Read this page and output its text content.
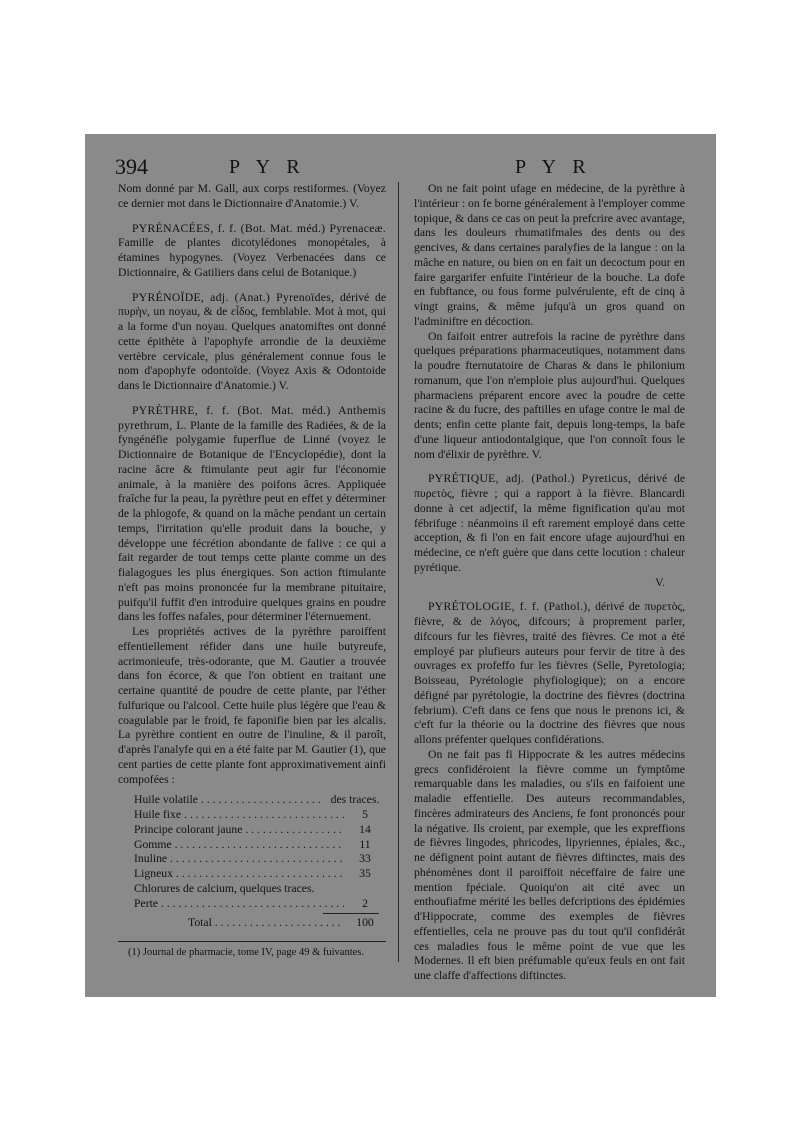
394	P Y R	P Y R

Nom donné par M. Gall, aux corps restiformes. (Voyez ce dernier mot dans le Dictionnaire d'Anatomie.) V.

PYRÉNACÉES, f. f. (Bot. Mat. méd.) Pyrenaceæ. Famille de plantes dicotylédones monopétales, à étamines hypogynes. (Voyez Verbenacées dans ce Dictionnaire, & Gatiliers dans celui de Botanique.)

PYRÉNOÏDE, adj. (Anat.) Pyrenoïdes, dérivé de πυρὴν, un noyau, & de εἶδος, femblable. Mot à mot, qui a la forme d'un noyau. Quelques anatomiftes ont donné cette épithète à l'apophyfe arrondie de la deuxième vertèbre cervicale, plus généralement connue fous le nom d'apophyfe odontoïde. (Voyez Axis & Odontoide dans le Dictionnaire d'Anatomie.) V.

PYRÈTHRE, f. f. (Bot. Mat. méd.) Anthemis pyrethrum, L. Plante de la famille des Radiées, & de la fyngénéfie polygamie fuperflue de Linné (voyez le Dictionnaire de Botanique de l'Encyclopédie), dont la racine âcre & ftimulante peut agir fur l'économie animale, à la manière des poifons âcres. Appliquée fraîche fur la peau, la pyrèthre peut en effet y déterminer de la phlogofe, & quand on la mâche pendant un certain temps, l'irritation qu'elle produit dans la bouche, y développe une fécrétion abondante de falive : ce qui a fait regarder de tout temps cette plante comme un des fialagogues les plus énergiques. Son action ftimulante n'eft pas moins prononcée fur la membrane pituitaire, puifqu'il fuffit d'en introduire quelques grains en poudre dans les foffes nafales, pour déterminer l'éternuement.

Les propriétés actives de la pyrèthre paroiffent effentiellement réfider dans une huile butyreufe, acrimonieufe, très-odorante, que M. Gautier a trouvée dans fon écorce, & que l'on obtient en traitant une certaine quantité de poudre de cette plante, par l'éther fulfurique ou l'alcool. Cette huile plus légère que l'eau & coagulable par le froid, fe faponifie bien par les alcalis. La pyrèthre contient en outre de l'inuline, & il paroît, d'après l'analyfe qui en a été faite par M. Gautier (1), que cent parties de cette plante font approximativement ainfi compofées :

Huile volatile . . .	des traces.
Huile fixe . . .	5
Principe colorant jaune . . .	14
Gomme . . .	11
Inuline . . .	33
Ligneux . . .	35
Chlorures de calcium, quelques traces.
Perte . . .	2
Total . . .	100

(1) Journal de pharmacie, tome IV, page 49 & fuivantes.

On ne fait point ufage en médecine, de la pyrèthre à l'intérieur : on fe borne généralement à l'employer comme topique, & dans ce cas on peut la prefcrire avec avantage, dans les douleurs rhumatifmales des dents ou des gencives, & dans certaines paralyfies de la langue : on la mâche en nature, ou bien on en fait un decoctum pour en faire gargarifer enfuite l'intérieur de la bouche. La dofe en fubftance, ou fous forme pulvérulente, eft de cinq à vingt grains, & même jufqu'à un gros quand on l'adminiftre en décoction.

On faifoit entrer autrefois la racine de pyrèthre dans quelques préparations pharmaceutiques, notamment dans la poudre fternutatoire de Charas & dans le philonium romanum, que l'on n'emploie plus aujourd'hui. Quelques pharmaciens préparent encore avec la poudre de cette racine & du fucre, des paftilles en ufage contre le mal de dents; enfin cette plante fait, depuis long-temps, la bafe d'une liqueur antiodontalgique, que l'on connoît fous le nom d'élixir de pyrèthre. V.

PYRÉTIQUE, adj. (Pathol.) Pyreticus, dérivé de πυρετὸς, fièvre ; qui a rapport à la fièvre. Blancardi donne à cet adjectif, la même fignification qu'au mot fébrifuge : néanmoins il eft rarement employé dans cette acception, & fi l'on en fait encore ufage aujourd'hui en médecine, ce n'eft guère que dans cette locution : chaleur pyrétique.

V.

PYRÉTOLOGIE, f. f. (Pathol.), dérivé de πυρετὸς, fièvre, & de λόγος, difcours; à proprement parler, difcours fur les fièvres, traité des fièvres. Ce mot a été employé par plufieurs auteurs pour fervir de titre à des ouvrages ex profeffo fur les fièvres (Selle, Pyretologia; Boisseau, Pyrétologie phyfiologique); on a encore défigné par pyrétologie, la doctrine des fièvres (doctrina febrium). C'eft dans ce fens que nous le prenons ici, & c'eft fur la théorie ou la doctrine des fièvres que nous allons préfenter quelques confidérations.

On ne fait pas fi Hippocrate & les autres médecins grecs confidéroient la fièvre comme un fymptôme remarquable dans les maladies, ou s'ils en faifoient une maladie effentielle. Des auteurs recommandables, fincères admirateurs des Anciens, fe font prononcés pour la négative. Ils croient, par exemple, que les expreffions de fièvres lingodes, phricodes, lipyriennes, épiales, &c., ne défignent point autant de fièvres diftinctes, mais des phénomènes dont il paroiffoit néceffaire de faire une mention fpéciale. Quoiqu'on ait cité avec un enthoufiafme mérité les belles defcriptions des épidémies d'Hippocrate, comme des exemples de fièvres effentielles, cela ne prouve pas du tout qu'il confidérât ces maladies fous le même point de vue que les Modernes. Il eft bien préfumable qu'eux feuls en ont fait une claffe d'affections diftinctes.
